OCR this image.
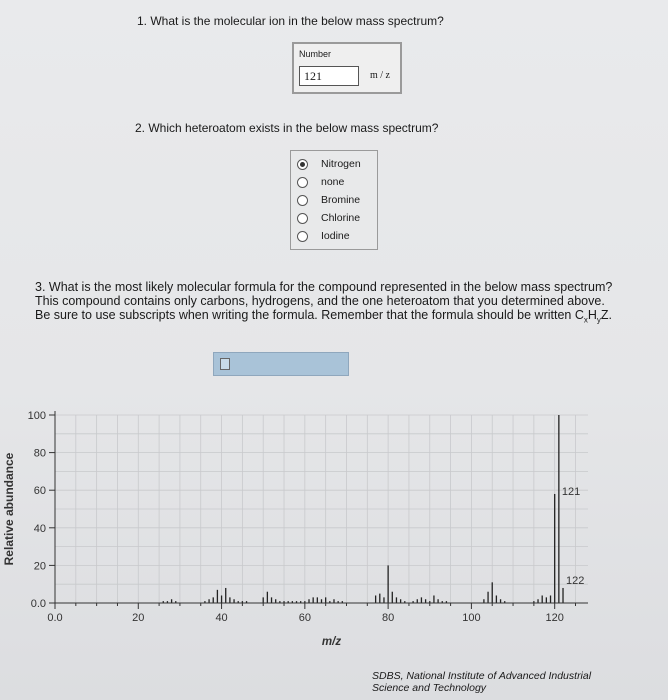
1. What is the molecular ion in the below mass spectrum?
Number
121	m / z
2. Which heteroatom exists in the below mass spectrum?
Nitrogen
none
Bromine
Chlorine
Iodine
3. What is the most likely molecular formula for the compound represented in the below mass spectrum?
This compound contains only carbons, hydrogens, and the one heteroatom that you determined above.
Be sure to use subscripts when writing the formula. Remember that the formula should be written $C_xH_yZ$.
0.0	20	40	60	80	100	120
0.0
20
40
60
80
100
m/z
Relative abundance	121
122
SDBS, National Institute of Advanced Industrial
Science and Technology
